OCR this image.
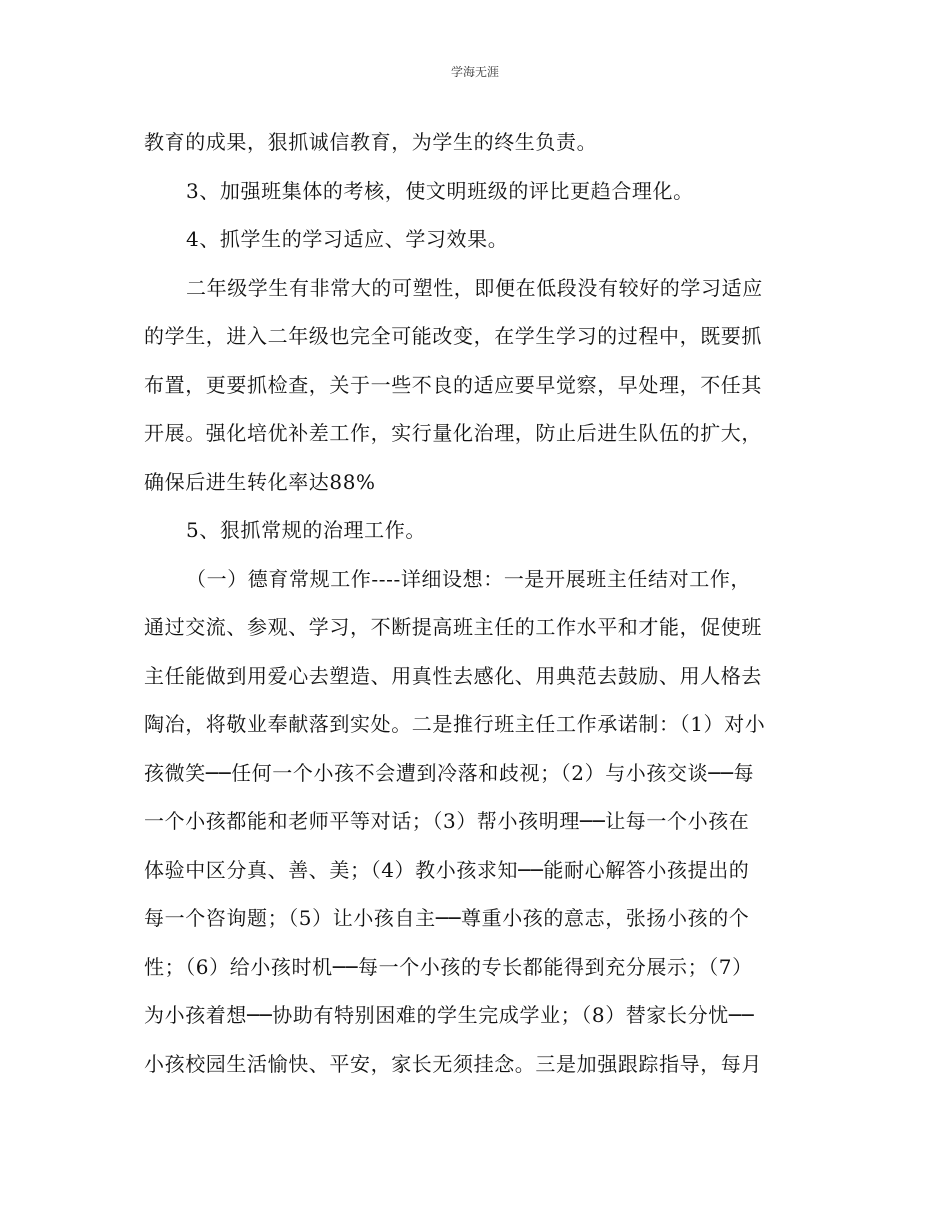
学海无涯
教育的成果，狠抓诚信教育，为学生的终生负责。
3、加强班集体的考核，使文明班级的评比更趋合理化。
4、抓学生的学习适应、学习效果。
二年级学生有非常大的可塑性，即便在低段没有较好的学习适应
的学生，进入二年级也完全可能改变，在学生学习的过程中，既要抓
布置，更要抓检查，关于一些不良的适应要早觉察，早处理，不任其
开展。强化培优补差工作，实行量化治理，防止后进生队伍的扩大，
确保后进生转化率达88%
5、狠抓常规的治理工作。
（一）德育常规工作----详细设想：一是开展班主任结对工作，
通过交流、参观、学习，不断提高班主任的工作水平和才能，促使班
主任能做到用爱心去塑造、用真性去感化、用典范去鼓励、用人格去
陶冶，将敬业奉献落到实处。二是推行班主任工作承诺制：（1）对小
孩微笑──任何一个小孩不会遭到冷落和歧视；（2）与小孩交谈──每
一个小孩都能和老师平等对话；（3）帮小孩明理──让每一个小孩在
体验中区分真、善、美；（4）教小孩求知──能耐心解答小孩提出的
每一个咨询题；（5）让小孩自主──尊重小孩的意志，张扬小孩的个
性；（6）给小孩时机──每一个小孩的专长都能得到充分展示；（7）
为小孩着想──协助有特别困难的学生完成学业；（8）替家长分忧──
小孩校园生活愉快、平安，家长无须挂念。三是加强跟踪指导，每月
